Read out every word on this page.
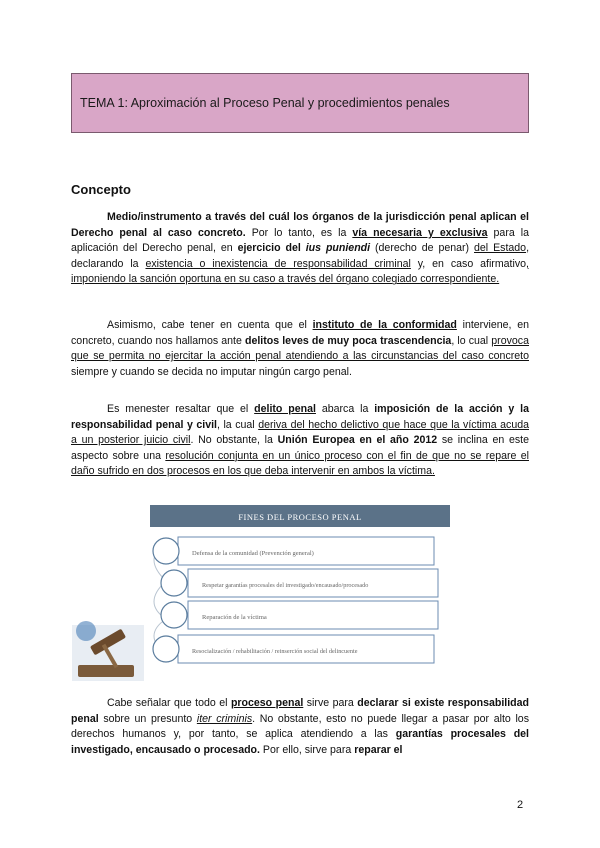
TEMA 1: Aproximación al Proceso Penal y procedimientos penales
Concepto

Medio/instrumento a través del cuál los órganos de la jurisdicción penal aplican el Derecho penal al caso concreto. Por lo tanto, es la vía necesaria y exclusiva para la aplicación del Derecho penal, en ejercicio del ius puniendi (derecho de penar) del Estado, declarando la existencia o inexistencia de responsabilidad criminal y, en caso afirmativo, imponiendo la sanción oportuna en su caso a través del órgano colegiado correspondiente.

Asimismo, cabe tener en cuenta que el instituto de la conformidad interviene, en concreto, cuando nos hallamos ante delitos leves de muy poca trascendencia, lo cual provoca que se permita no ejercitar la acción penal atendiendo a las circunstancias del caso concreto siempre y cuando se decida no imputar ningún cargo penal.

Es menester resaltar que el delito penal abarca la imposición de la acción y la responsabilidad penal y civil, la cual deriva del hecho delictivo que hace que la víctima acuda a un posterior juicio civil. No obstante, la Unión Europea en el año 2012 se inclina en este aspecto sobre una resolución conjunta en un único proceso con el fin de que no se repare el daño sufrido en dos procesos en los que deba intervenir en ambos la víctima.

FINES DEL PROCESO PENAL
Defensa de la comunidad (Prevención general)
Respetar garantías procesales del investigado/encausado/procesado
Reparación de la víctima
Resocialización / rehabilitación / reinserción social del delincuente

Cabe señalar que todo el proceso penal sirve para declarar si existe responsabilidad penal sobre un presunto iter criminis. No obstante, esto no puede llegar a pasar por alto los derechos humanos y, por tanto, se aplica atendiendo a las garantías procesales del investigado, encausado o procesado. Por ello, sirve para reparar el

2
